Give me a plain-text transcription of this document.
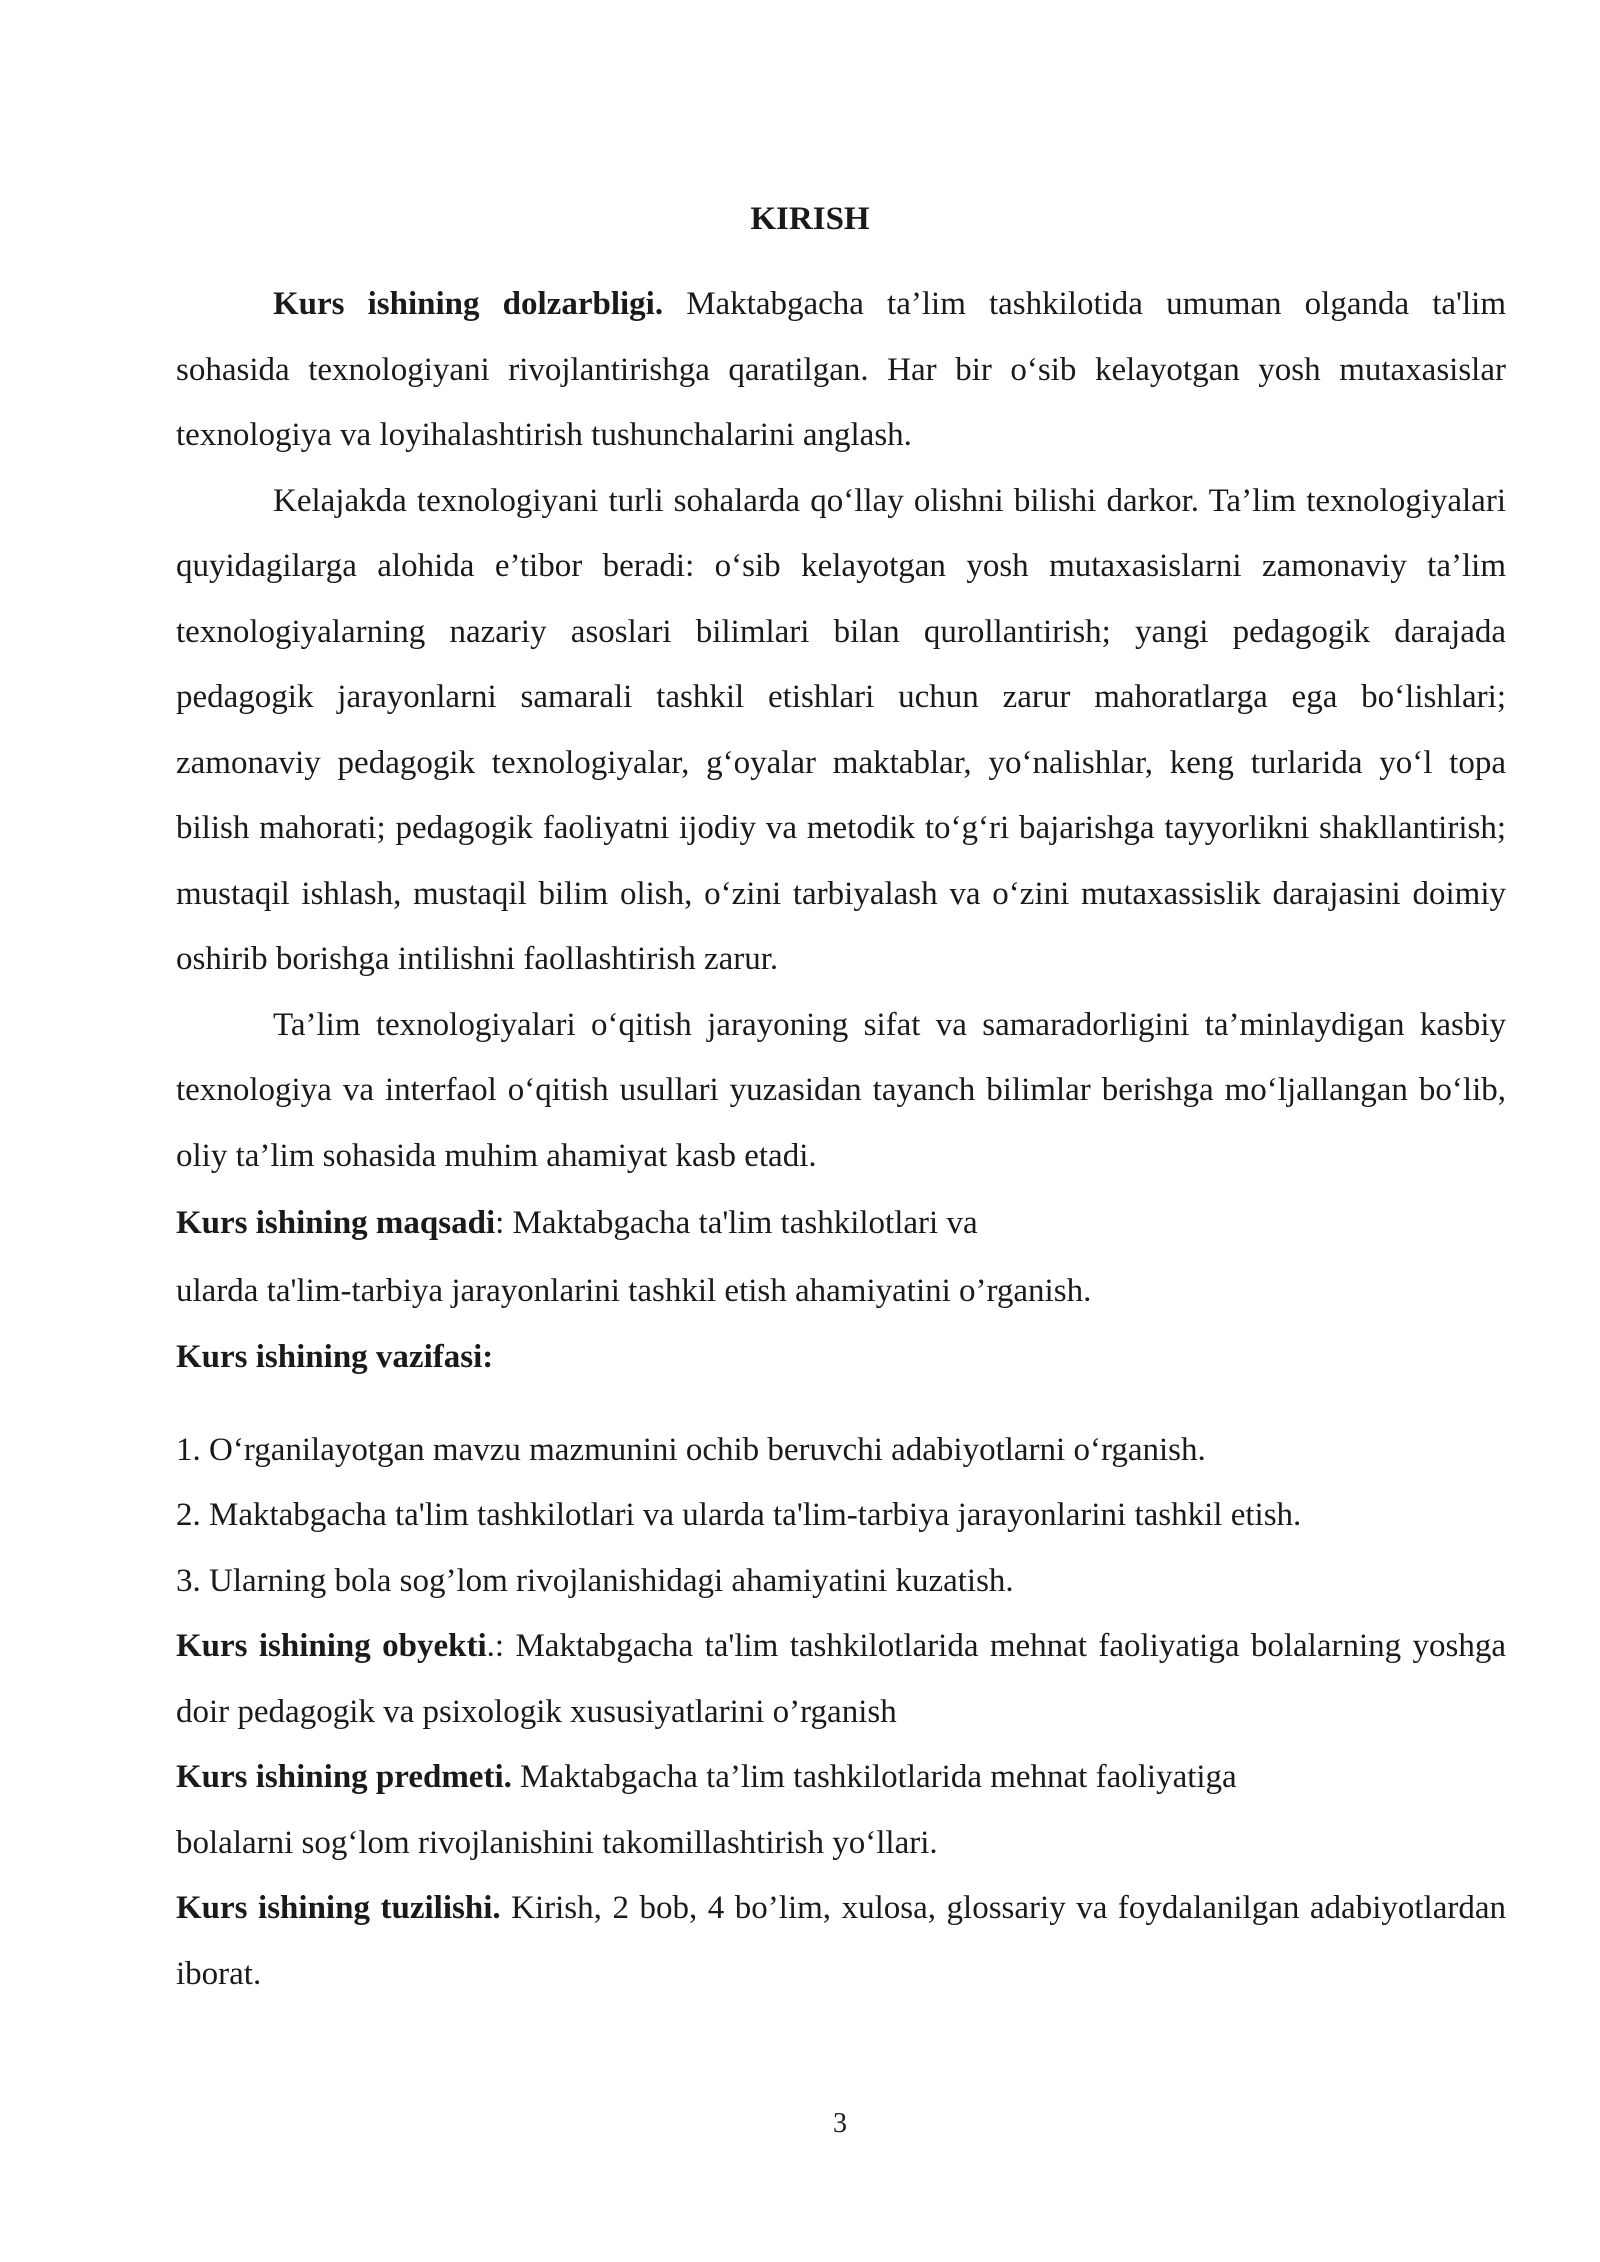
KIRISH

Kurs ishining dolzarbligi. Maktabgacha ta’lim tashkilotida umuman olganda ta'lim sohasida texnologiyani rivojlantirishga qaratilgan. Har bir o‘sib kelayotgan yosh mutaxasislar texnologiya va loyihalashtirish tushunchalarini anglash.

Kelajakda texnologiyani turli sohalarda qo‘llay olishni bilishi darkor. Ta’lim texnologiyalari quyidagilarga alohida e’tibor beradi: o‘sib kelayotgan yosh mutaxasislarni zamonaviy ta’lim texnologiyalarning nazariy asoslari bilimlari bilan qurollantirish; yangi pedagogik darajada pedagogik jarayonlarni samarali tashkil etishlari uchun zarur mahoratlarga ega bo‘lishlari; zamonaviy pedagogik texnologiyalar, g‘oyalar maktablar, yo‘nalishlar, keng turlarida yo‘l topa bilish mahorati; pedagogik faoliyatni ijodiy va metodik to‘g‘ri bajarishga tayyorlikni shakllantirish; mustaqil ishlash, mustaqil bilim olish, o‘zini tarbiyalash va o‘zini mutaxassislik darajasini doimiy oshirib borishga intilishni faollashtirish zarur.

Ta’lim texnologiyalari o‘qitish jarayoning sifat va samaradorligini ta’minlaydigan kasbiy texnologiya va interfaol o‘qitish usullari yuzasidan tayanch bilimlar berishga mo‘ljallangan bo‘lib, oliy ta’lim sohasida muhim ahamiyat kasb etadi.

Kurs ishining maqsadi: Maktabgacha ta'lim tashkilotlari va
ularda ta'lim-tarbiya jarayonlarini tashkil etish ahamiyatini o’rganish.

Kurs ishining vazifasi:

1. O‘rganilayotgan mavzu mazmunini ochib beruvchi adabiyotlarni o‘rganish.

2. Maktabgacha ta'lim tashkilotlari va ularda ta'lim-tarbiya jarayonlarini tashkil etish.

3. Ularning bola sog’lom rivojlanishidagi ahamiyatini kuzatish.

Kurs ishining obyekti.: Maktabgacha ta'lim tashkilotlarida mehnat faoliyatiga bolalarning yoshga doir pedagogik va psixologik xususiyatlarini o’rganish

Kurs ishining predmeti. Maktabgacha ta’lim tashkilotlarida mehnat faoliyatiga
bolalarni sog‘lom rivojlanishini takomillashtirish yo‘llari.

Kurs ishining tuzilishi. Kirish, 2 bob, 4 bo’lim, xulosa, glossariy va foydalanilgan adabiyotlardan iborat.

3
